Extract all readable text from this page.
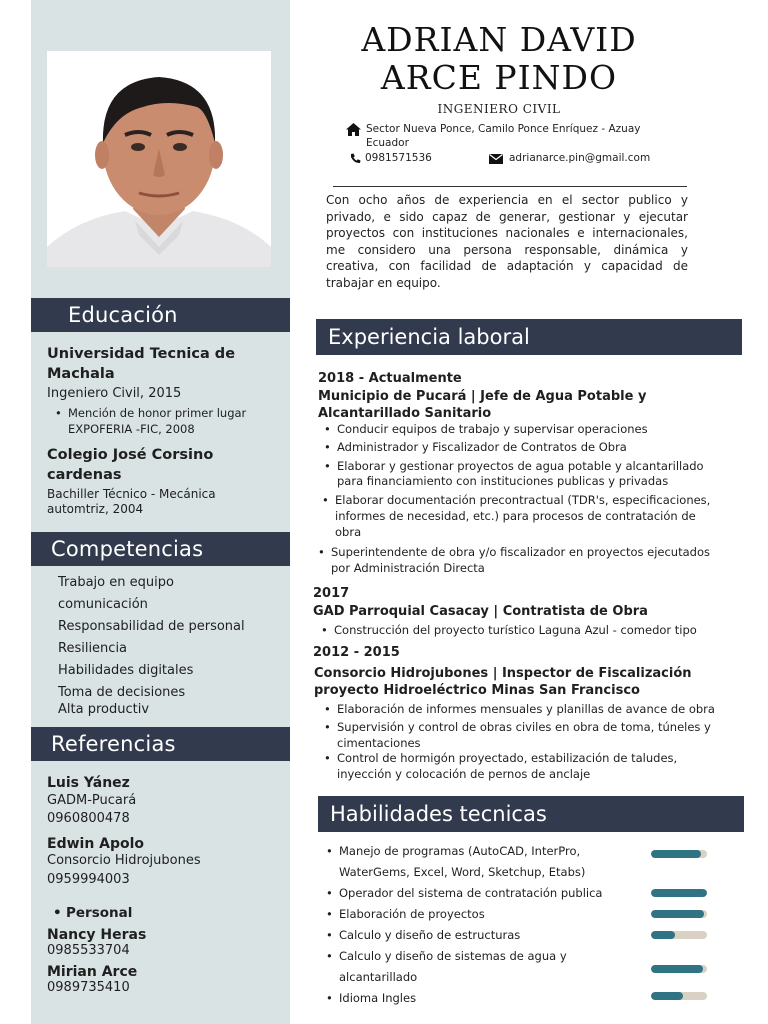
Educación
Competencias
Referencias
Universidad Tecnica de
Machala
Ingeniero Civil, 2015
• Mención de honor primer lugar
EXPOFERIA -FIC, 2008
Colegio José Corsino
cardenas
Bachiller Técnico - Mecánica
automtriz, 2004
Trabajo en equipo
comunicación
Responsabilidad de personal
Resiliencia
Habilidades digitales
Toma de decisiones
Alta productiv
Luis Yánez
GADM-Pucará
0960800478
Edwin Apolo
Consorcio Hidrojubones
0959994003
• Personal
Nancy Heras
0985533704
Mirian Arce
0989735410
ADRIAN DAVID
ARCE PINDO
INGENIERO CIVIL
Sector Nueva Ponce, Camilo Ponce Enríquez - Azuay
Ecuador
0981571536	adrianarce.pin@gmail.com
Con ocho años de experiencia en el sector publico y privado, e sido capaz de generar, gestionar y ejecutar proyectos con instituciones nacionales e internacionales, me considero una persona responsable, dinámica y creativa, con facilidad de adaptación y capacidad de trabajar en equipo.
Experiencia laboral
2018 - Actualmente
Municipio de Pucará | Jefe de Agua Potable y
Alcantarillado Sanitario
• Conducir equipos de trabajo y supervisar operaciones
• Administrador y Fiscalizador de Contratos de Obra
• Elaborar y gestionar proyectos de agua potable y alcantarillado
para financiamiento con instituciones publicas y privadas
• Elaborar documentación precontractual (TDR's, especificaciones,
informes de necesidad, etc.) para procesos de contratación de
obra
• Superintendente de obra y/o fiscalizador en proyectos ejecutados
por Administración Directa
2017
GAD Parroquial Casacay | Contratista de Obra
• Construcción del proyecto turístico Laguna Azul - comedor tipo
2012 - 2015
Consorcio Hidrojubones | Inspector de Fiscalización
proyecto Hidroeléctrico Minas San Francisco
• Elaboración de informes mensuales y planillas de avance de obra
• Supervisión y control de obras civiles en obra de toma, túneles y
cimentaciones
• Control de hormigón proyectado, estabilización de taludes,
inyección y colocación de pernos de anclaje
Habilidades tecnicas
• Manejo de programas (AutoCAD, InterPro,
WaterGems, Excel, Word, Sketchup, Etabs)
• Operador del sistema de contratación publica
• Elaboración de proyectos
• Calculo y diseño de estructuras
• Calculo y diseño de sistemas de agua y
alcantarillado
• Idioma Ingles
